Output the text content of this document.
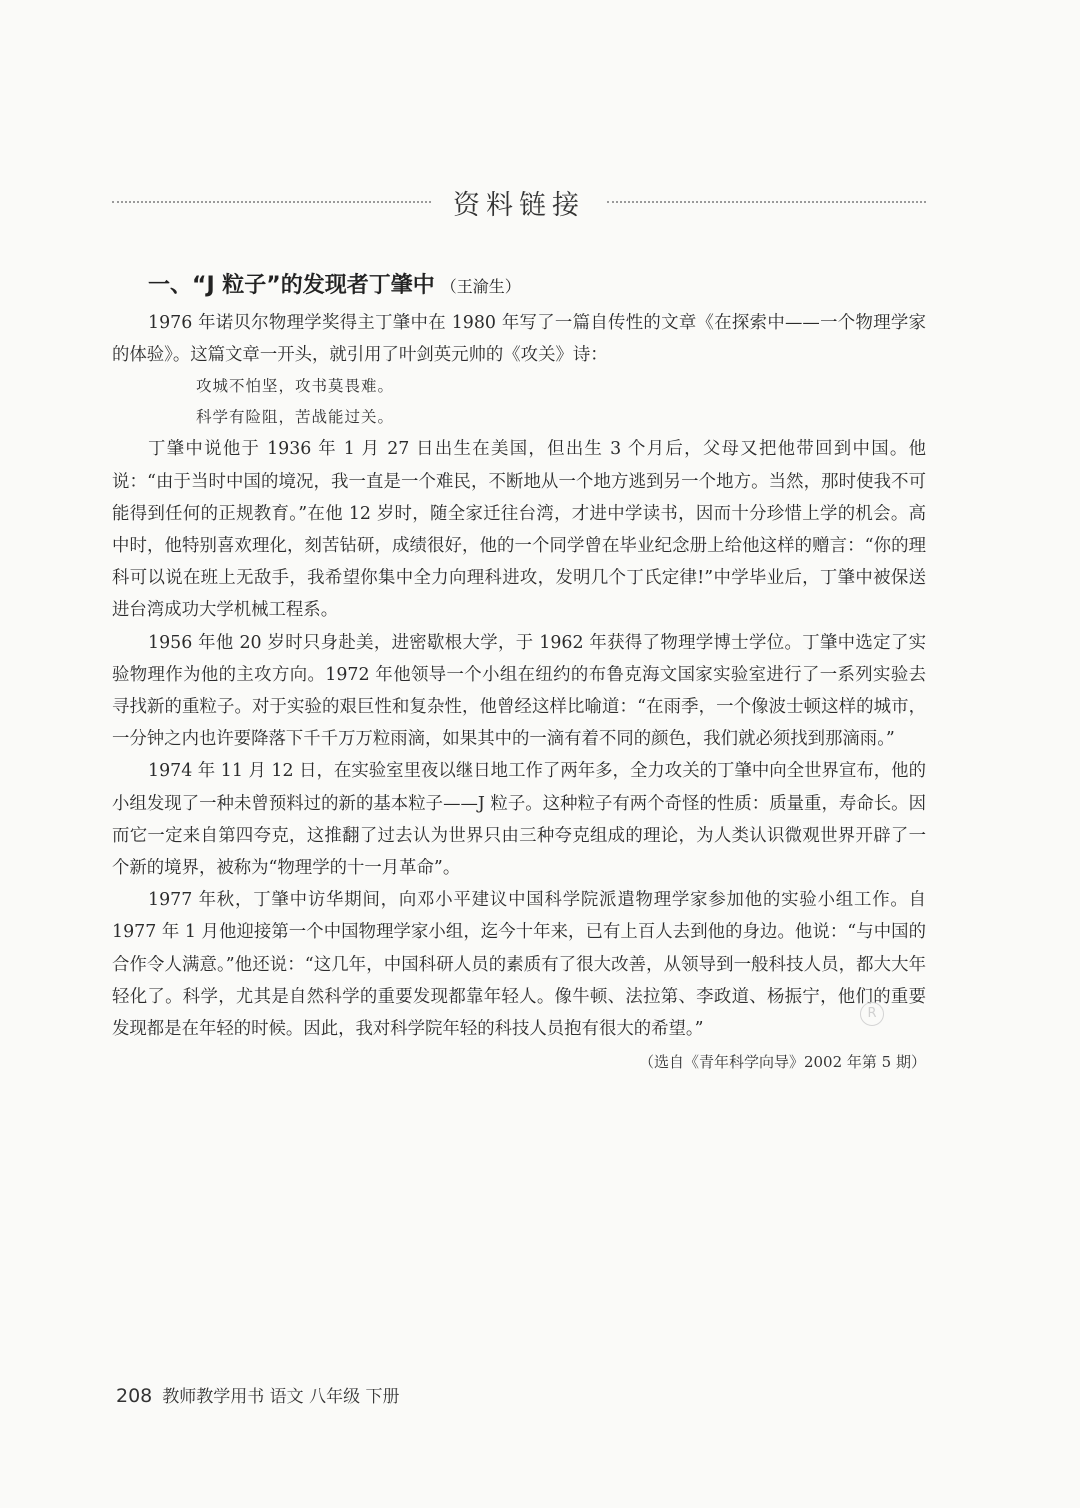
资料链接
一、“J 粒子”的发现者丁肇中 （王渝生）

1976 年诺贝尔物理学奖得主丁肇中在 1980 年写了一篇自传性的文章《在探索中——一个物理学家的体验》。这篇文章一开头，就引用了叶剑英元帅的《攻关》诗：

攻城不怕坚，攻书莫畏难。
科学有险阻，苦战能过关。

丁肇中说他于 1936 年 1 月 27 日出生在美国，但出生 3 个月后，父母又把他带回到中国。他说：“由于当时中国的境况，我一直是一个难民，不断地从一个地方逃到另一个地方。当然，那时使我不可能得到任何的正规教育。”在他 12 岁时，随全家迁往台湾，才进中学读书，因而十分珍惜上学的机会。高中时，他特别喜欢理化，刻苦钻研，成绩很好，他的一个同学曾在毕业纪念册上给他这样的赠言：“你的理科可以说在班上无敌手，我希望你集中全力向理科进攻，发明几个丁氏定律!”中学毕业后，丁肇中被保送进台湾成功大学机械工程系。

1956 年他 20 岁时只身赴美，进密歇根大学，于 1962 年获得了物理学博士学位。丁肇中选定了实验物理作为他的主攻方向。1972 年他领导一个小组在纽约的布鲁克海文国家实验室进行了一系列实验去寻找新的重粒子。对于实验的艰巨性和复杂性，他曾经这样比喻道：“在雨季，一个像波士顿这样的城市，一分钟之内也许要降落下千千万万粒雨滴，如果其中的一滴有着不同的颜色，我们就必须找到那滴雨。”

1974 年 11 月 12 日，在实验室里夜以继日地工作了两年多，全力攻关的丁肇中向全世界宣布，他的小组发现了一种未曾预料过的新的基本粒子——J 粒子。这种粒子有两个奇怪的性质：质量重，寿命长。因而它一定来自第四夸克，这推翻了过去认为世界只由三种夸克组成的理论，为人类认识微观世界开辟了一个新的境界，被称为“物理学的十一月革命”。

1977 年秋，丁肇中访华期间，向邓小平建议中国科学院派遣物理学家参加他的实验小组工作。自 1977 年 1 月他迎接第一个中国物理学家小组，迄今十年来，已有上百人去到他的身边。他说：“与中国的合作令人满意。”他还说：“这几年，中国科研人员的素质有了很大改善，从领导到一般科技人员，都大大年轻化了。科学，尤其是自然科学的重要发现都靠年轻人。像牛顿、法拉第、李政道、杨振宁，他们的重要发现都是在年轻的时候。因此，我对科学院年轻的科技人员抱有很大的希望。”

（选自《青年科学向导》2002 年第 5 期）
R
208 教师教学用书 语文 八年级 下册
